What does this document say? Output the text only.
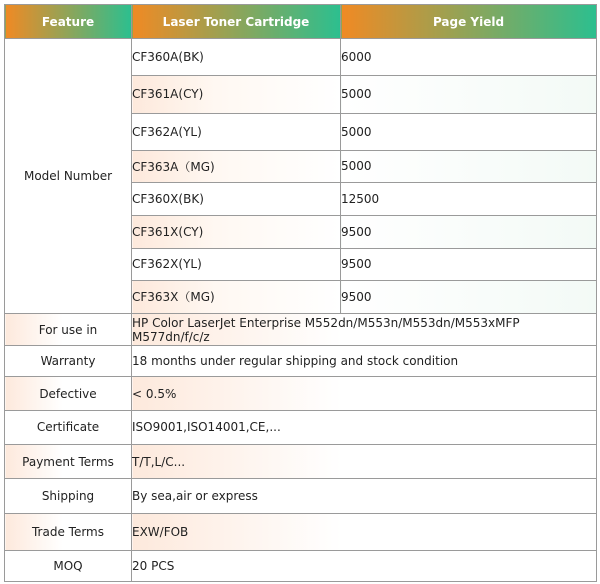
Feature	Laser Toner Cartridge	Page Yield
Model Number	CF360A(BK)	6000
	CF361A(CY)	5000
	CF362A(YL)	5000
	CF363A（MG)	5000
	CF360X(BK)	12500
	CF361X(CY)	9500
	CF362X(YL)	9500
	CF363X（MG)	9500
For use in	HP Color LaserJet Enterprise M552dn/M553n/M553dn/M553xMFP M577dn/f/c/z	
Warranty	18 months under regular shipping and stock condition	
Defective	< 0.5%	
Certificate	ISO9001,ISO14001,CE,...	
Payment Terms	T/T,L/C...	
Shipping	By sea,air or express	
Trade Terms	EXW/FOB	
MOQ	20 PCS	
